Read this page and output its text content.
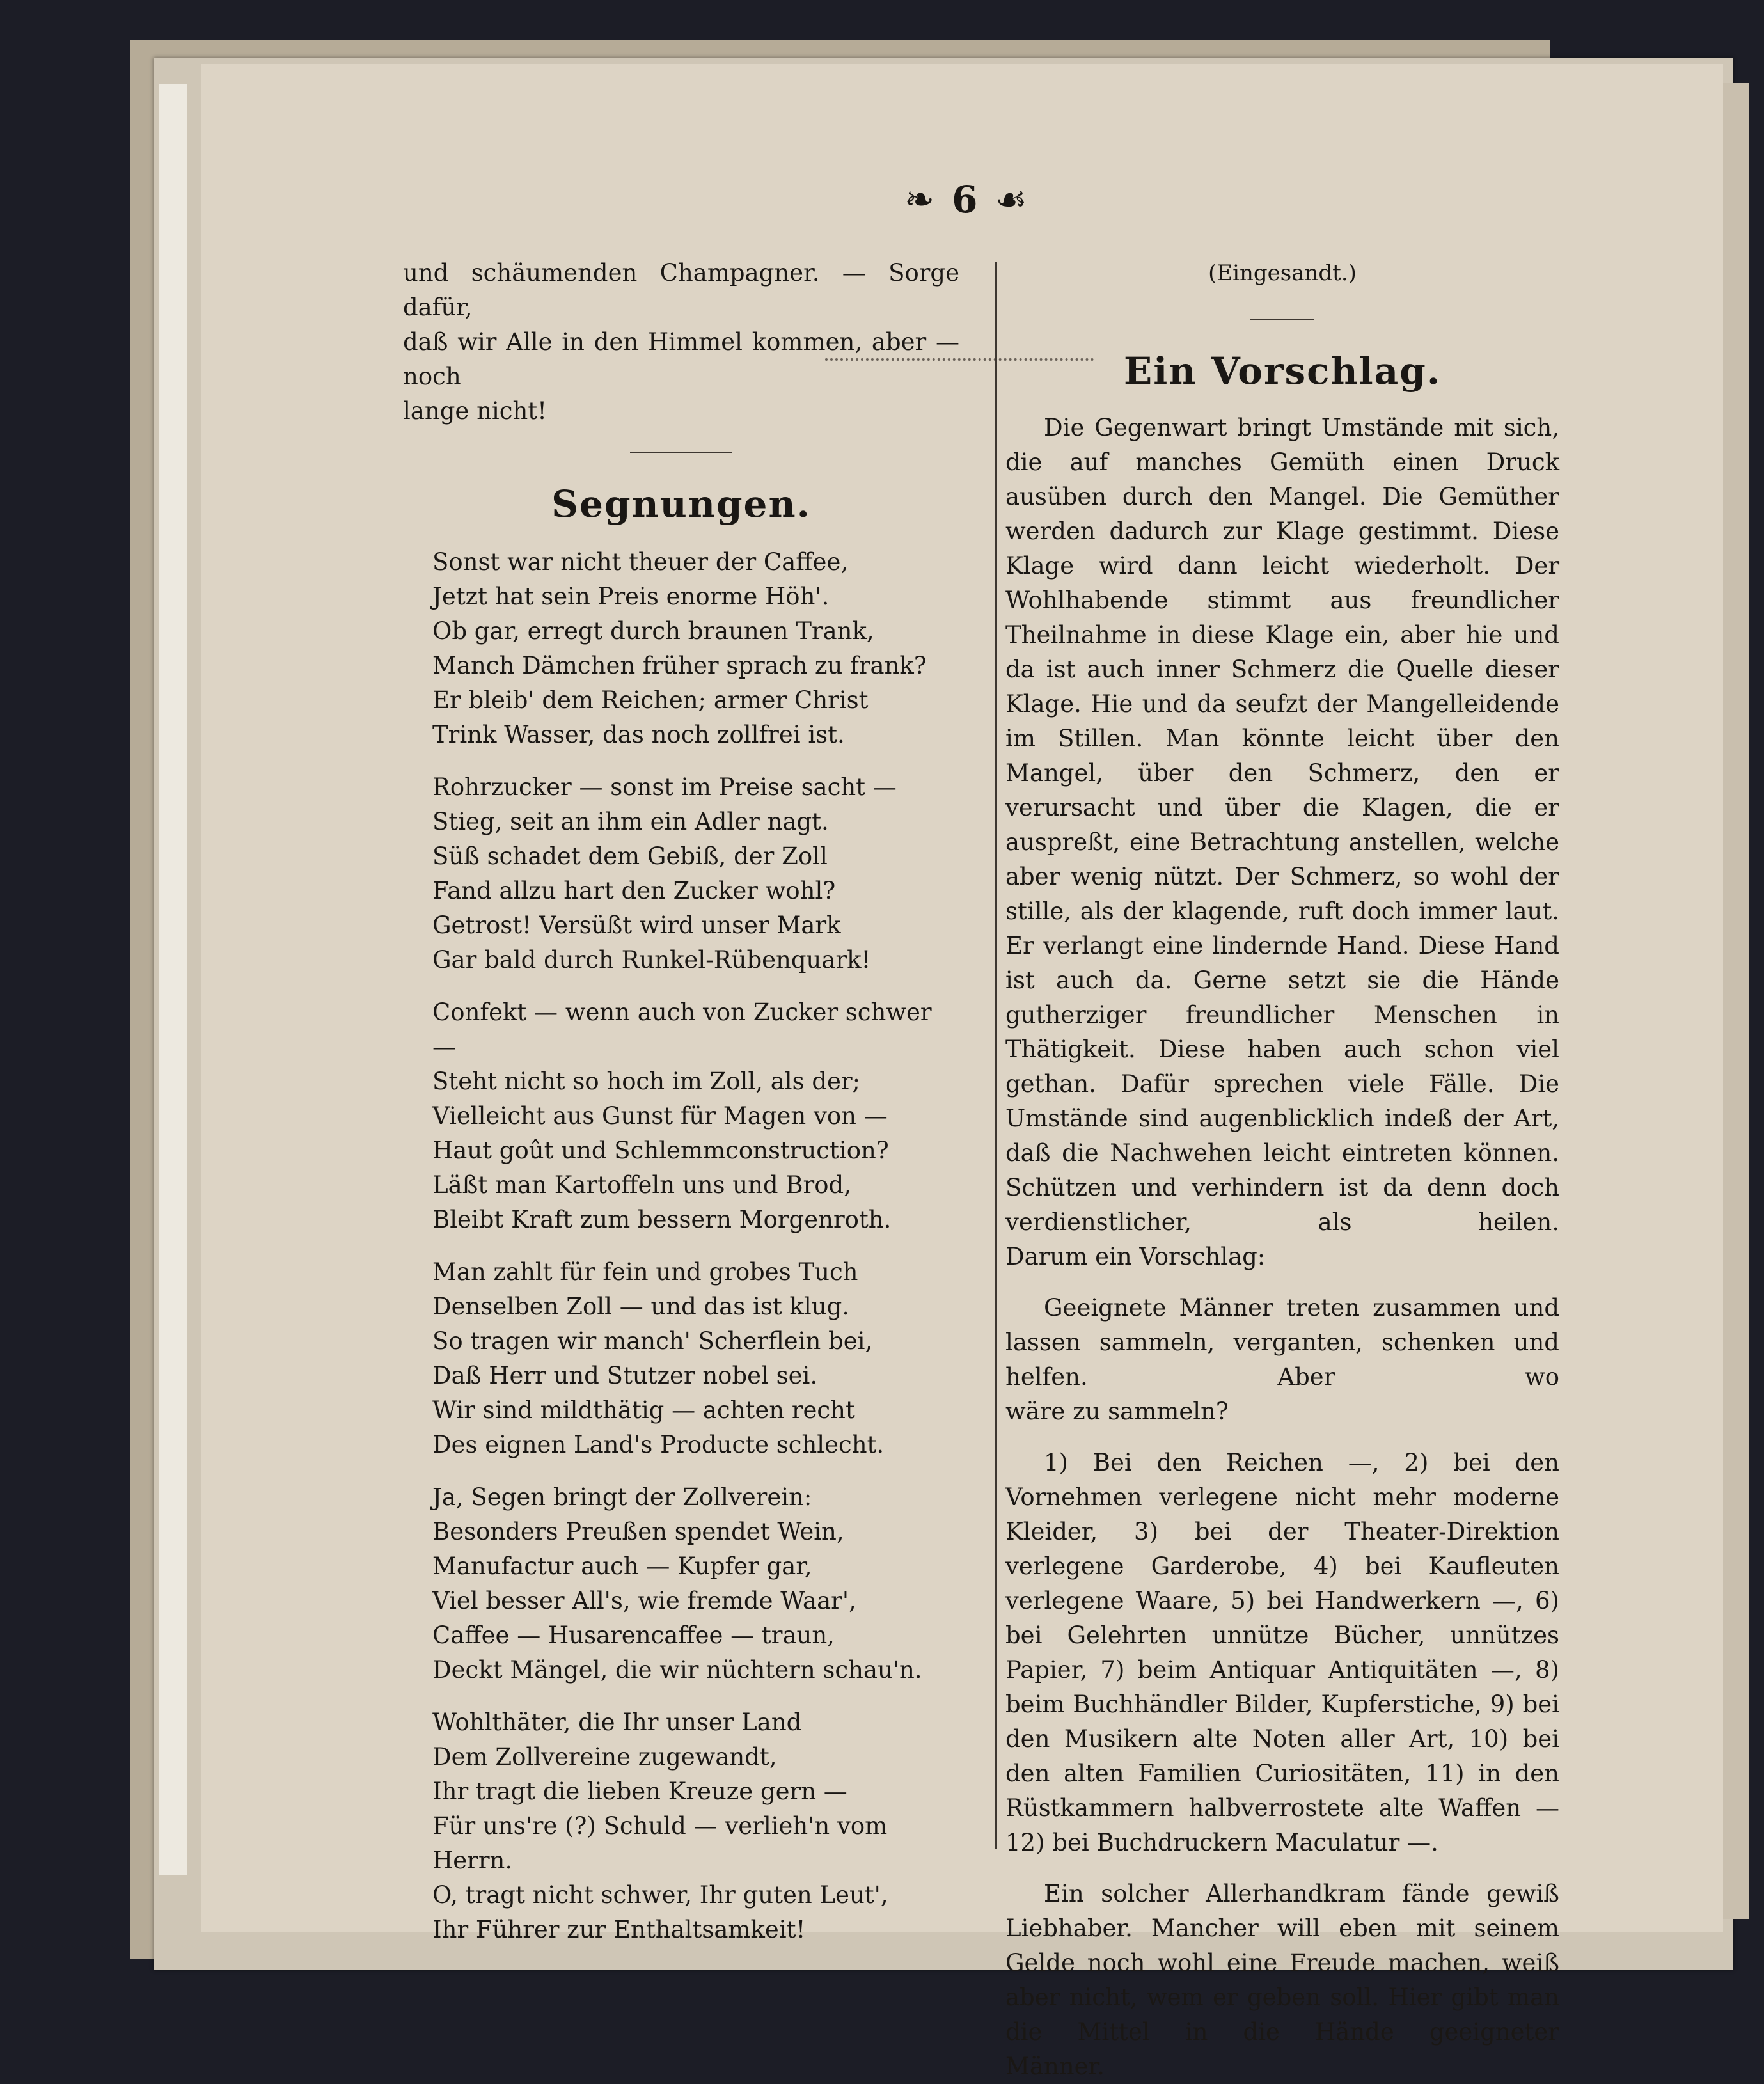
❧ 6 ☙

und schäumenden Champagner. — Sorge dafür,

daß wir Alle in den Himmel kommen, aber — noch

lange nicht!

Segnungen.

Sonst war nicht theuer der Caffee,

Jetzt hat sein Preis enorme Höh'.

Ob gar, erregt durch braunen Trank,

Manch Dämchen früher sprach zu frank?

Er bleib' dem Reichen; armer Christ

Trink Wasser, das noch zollfrei ist.

Rohrzucker — sonst im Preise sacht —

Stieg, seit an ihm ein Adler nagt.

Süß schadet dem Gebiß, der Zoll

Fand allzu hart den Zucker wohl?

Getrost! Versüßt wird unser Mark

Gar bald durch Runkel-Rübenquark!

Confekt — wenn auch von Zucker schwer —

Steht nicht so hoch im Zoll, als der;

Vielleicht aus Gunst für Magen von —

Haut goût und Schlemmconstruction?

Läßt man Kartoffeln uns und Brod,

Bleibt Kraft zum bessern Morgenroth.

Man zahlt für fein und grobes Tuch

Denselben Zoll — und das ist klug.

So tragen wir manch' Scherflein bei,

Daß Herr und Stutzer nobel sei.

Wir sind mildthätig — achten recht

Des eignen Land's Producte schlecht.

Ja, Segen bringt der Zollverein:

Besonders Preußen spendet Wein,

Manufactur auch — Kupfer gar,

Viel besser All's, wie fremde Waar',

Caffee — Husarencaffee — traun,

Deckt Mängel, die wir nüchtern schau'n.

Wohlthäter, die Ihr unser Land

Dem Zollvereine zugewandt,

Ihr tragt die lieben Kreuze gern —

Für uns're (?) Schuld — verlieh'n vom Herrn.

O, tragt nicht schwer, Ihr guten Leut',

Ihr Führer zur Enthaltsamkeit!

(Eingesandt.)

Ein Vorschlag.

Die Gegenwart bringt Umstände mit sich, die auf manches Gemüth einen Druck ausüben durch den Mangel. Die Gemüther werden dadurch zur Klage gestimmt. Diese Klage wird dann leicht wiederholt. Der Wohlhabende stimmt aus freundlicher Theilnahme in diese Klage ein, aber hie und da ist auch inner Schmerz die Quelle dieser Klage. Hie und da seufzt der Mangelleidende im Stillen. Man könnte leicht über den Mangel, über den Schmerz, den er verursacht und über die Klagen, die er auspreßt, eine Betrachtung anstellen, welche aber wenig nützt. Der Schmerz, so wohl der stille, als der klagende, ruft doch immer laut. Er verlangt eine lindernde Hand. Diese Hand ist auch da. Gerne setzt sie die Hände gutherziger freundlicher Menschen in Thätigkeit. Diese haben auch schon viel gethan. Dafür sprechen viele Fälle. Die Umstände sind augenblicklich indeß der Art, daß die Nachwehen leicht eintreten können. Schützen und verhindern ist da denn doch verdienstlicher, als heilen.

Darum ein Vorschlag:

Geeignete Männer treten zusammen und lassen sammeln, verganten, schenken und helfen. Aber wo

wäre zu sammeln?

1) Bei den Reichen —, 2) bei den Vornehmen verlegene nicht mehr moderne Kleider, 3) bei der Theater-Direktion verlegene Garderobe, 4) bei Kaufleuten verlegene Waare, 5) bei Handwerkern —, 6) bei Gelehrten unnütze Bücher, unnützes Papier, 7) beim Antiquar Antiquitäten —, 8) beim Buchhändler Bilder, Kupferstiche, 9) bei den Musikern alte Noten aller Art, 10) bei den alten Familien Curiositäten, 11) in den Rüstkammern halbverrostete alte Waffen —

12) bei Buchdruckern Maculatur —.

Ein solcher Allerhandkram fände gewiß Liebhaber. Mancher will eben mit seinem Gelde noch wohl eine Freude machen, weiß aber nicht, wem er geben soll. Hier gibt man die Mittel in die Hände geeigneter

Männer.
